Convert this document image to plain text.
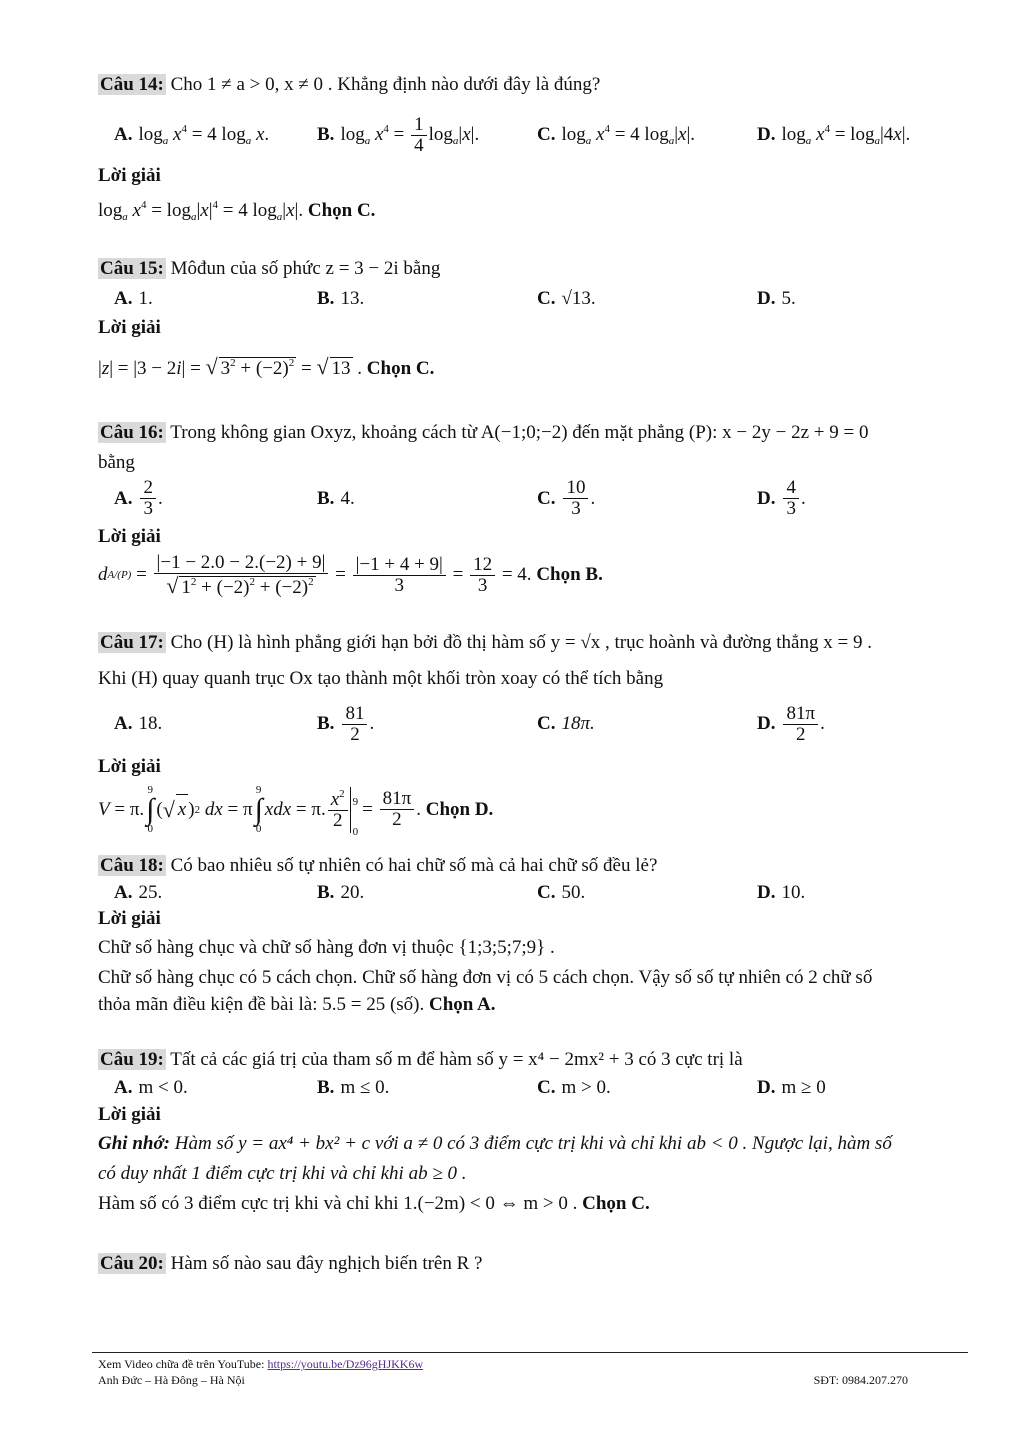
Câu 14: Cho 1 ≠ a > 0, x ≠ 0 . Khẳng định nào dưới đây là đúng?
A. $\log_a x^4 = 4$ $\log_a x$.	B. $\log_a x^4 = \frac{1}{4} \log_a|x|$.	C. $\log_a x^4 = 4$ $\log_a|x|$.	D. $\log_a x^4 = \log_a|4x|$.
Lời giải
$\log_a x^4 = \log_a|x|^4 = 4$ $\log_a|x|$. Chọn C.
Câu 15: Môđun của số phức z = 3 − 2i bằng
A. 1.	B. 13.	C. √13.	D. 5.
Lời giải
|z| = |3 − 2i| = √ $3^2 + (-2)^2$ = √ 13 . Chọn C.
Câu 16: Trong không gian Oxyz, khoảng cách từ A(−1;0;−2) đến mặt phẳng (P): x − 2y − 2z + 9 = 0
bằng
A. $\frac{2}{3}$ .	B. 4.	C. $\frac{10}{3}$ .	D. $\frac{4}{3}$ .
Lời giải
d $A/(P) = \frac{|-1 - 2.0 - 2.(-2) + 9|}{√ 1^2 + (-2)^2 + (-2)^2} = \frac{|-1 + 4 + 9|}{3} = \frac{12}{3} = 4$. Chọn B.
Câu 17: Cho (H) là hình phẳng giới hạn bởi đồ thị hàm số y = √x , trục hoành và đường thẳng x = 9 .
Khi (H) quay quanh trục Ox tạo thành một khối tròn xoay có thể tích bằng
A. 18.	B. $\frac{81}{2}$ .	C. 18π.	D. $\frac{81\pi}{2}$ .
Lời giải
V = π.
9
∫
0
( √ x ) 2
dx = π
9
∫
0
xdx = π. $\frac{x^2}{2} 9$
0
= $\frac{81\pi}{2}$ . Chọn D.
Câu 18: Có bao nhiêu số tự nhiên có hai chữ số mà cả hai chữ số đều lẻ?
A. 25.	B. 20.	C. 50.	D. 10.
Lời giải
Chữ số hàng chục và chữ số hàng đơn vị thuộc {1;3;5;7;9} .
Chữ số hàng chục có 5 cách chọn. Chữ số hàng đơn vị có 5 cách chọn. Vậy số số tự nhiên có 2 chữ số
thỏa mãn điều kiện đề bài là: 5.5 = 25 (số). Chọn A.
Câu 19: Tất cả các giá trị của tham số m để hàm số y = x⁴ − 2mx² + 3 có 3 cực trị là
A. m < 0.	B. m ≤ 0.	C. m > 0.	D. m ≥ 0
Lời giải
Ghi nhớ: Hàm số y = ax⁴ + bx² + c với a ≠ 0 có 3 điểm cực trị khi và chỉ khi ab < 0 . Ngược lại, hàm số
có duy nhất 1 điểm cực trị khi và chỉ khi ab ≥ 0 .
Hàm số có 3 điểm cực trị khi và chỉ khi 1.(−2m) < 0 ⇔ m > 0 . Chọn C.
Câu 20: Hàm số nào sau đây nghịch biến trên R ?
Xem Video chữa đề trên YouTube: https://youtu.be/Dz96gHJKK6w
Anh Đức – Hà Đông – Hà Nội	SĐT: 0984.207.270
